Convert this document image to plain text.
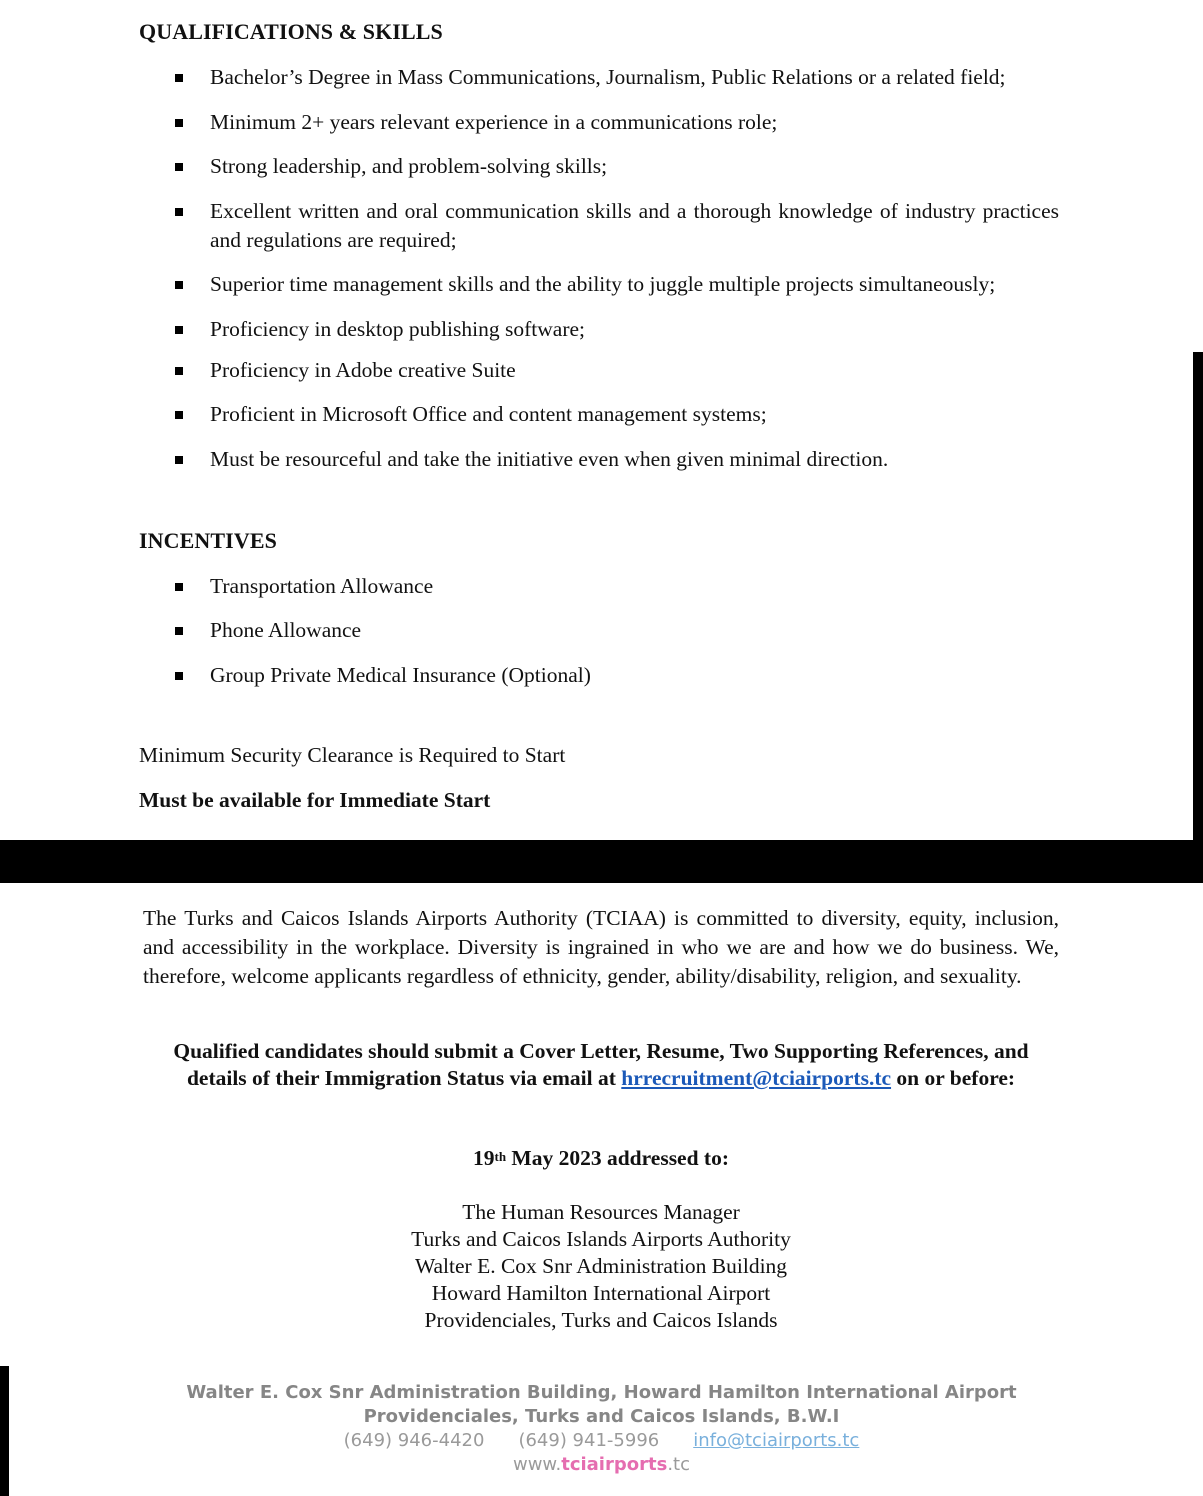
QUALIFICATIONS & SKILLS
Bachelor’s Degree in Mass Communications, Journalism, Public Relations or a related field;
Minimum 2+ years relevant experience in a communications role;
Strong leadership, and problem-solving skills;
Excellent written and oral communication skills and a thorough knowledge of industry practices and regulations are required;
Superior time management skills and the ability to juggle multiple projects simultaneously;
Proficiency in desktop publishing software;
Proficiency in Adobe creative Suite
Proficient in Microsoft Office and content management systems;
Must be resourceful and take the initiative even when given minimal direction.
INCENTIVES
Transportation Allowance
Phone Allowance
Group Private Medical Insurance (Optional)

Minimum Security Clearance is Required to Start

Must be available for Immediate Start

The Turks and Caicos Islands Airports Authority (TCIAA) is committed to diversity, equity, inclusion, and accessibility in the workplace. Diversity is ingrained in who we are and how we do business. We, therefore, welcome applicants regardless of ethnicity, gender, ability/disability, religion, and sexuality.

Qualified candidates should submit a Cover Letter, Resume, Two Supporting References, and details of their Immigration Status via email at hrrecruitment@tciairports.tc on or before:

19th May 2023 addressed to:

The Human Resources Manager
Turks and Caicos Islands Airports Authority
Walter E. Cox Snr Administration Building
Howard Hamilton International Airport
Providenciales, Turks and Caicos Islands
Walter E. Cox Snr Administration Building, Howard Hamilton International Airport
Providenciales, Turks and Caicos Islands, B.W.I
(649) 946-4420 (649) 941-5996 info@tciairports.tc
www.tciairports.tc
